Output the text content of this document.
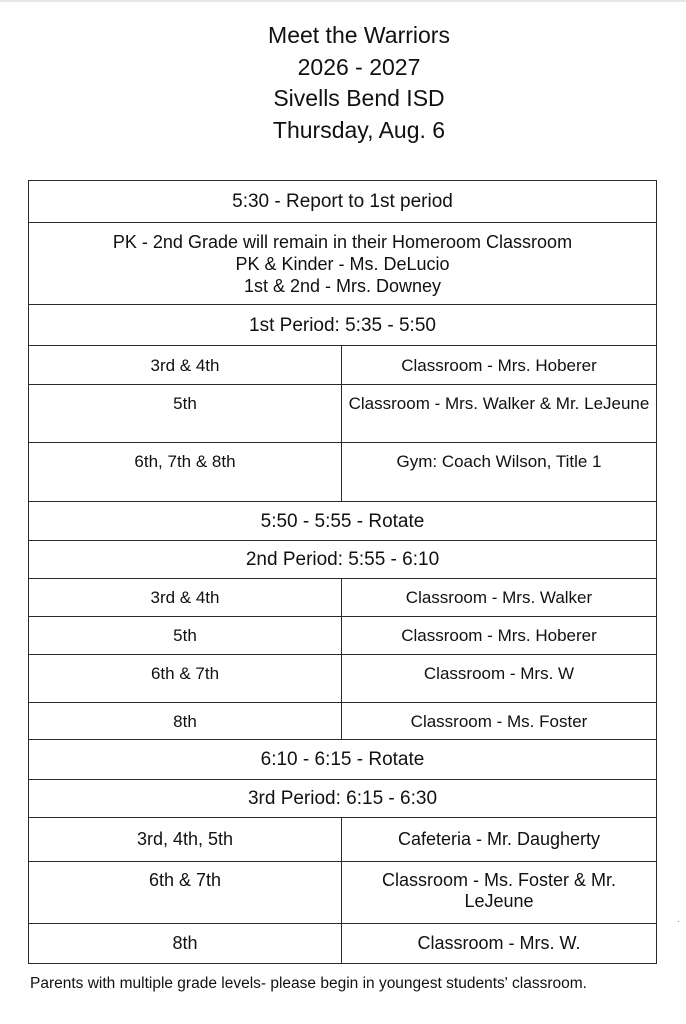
Meet the Warriors
2026 - 2027
Sivells Bend ISD
Thursday, Aug. 6
5:30 - Report to 1st period	

PK - 2nd Grade will remain in their Homeroom Classroom
PK & Kinder - Ms. DeLucio
1st & 2nd - Mrs. Downey	

1st Period: 5:35 - 5:50	
3rd & 4th	Classroom - Mrs. Hoberer
5th	Classroom - Mrs. Walker & Mr. LeJeune
6th, 7th & 8th	Gym: Coach Wilson, Title 1
5:50 - 5:55 - Rotate	
2nd Period: 5:55 - 6:10	
3rd & 4th	Classroom - Mrs. Walker
5th	Classroom - Mrs. Hoberer
6th & 7th	Classroom - Mrs. W
8th	Classroom - Ms. Foster
6:10 - 6:15 - Rotate	
3rd Period: 6:15 - 6:30	
3rd, 4th, 5th	Cafeteria - Mr. Daugherty
6th & 7th	Classroom - Ms. Foster & Mr. LeJeune
8th	Classroom - Mrs. W.
·
Parents with multiple grade levels- please begin in youngest students' classroom.
